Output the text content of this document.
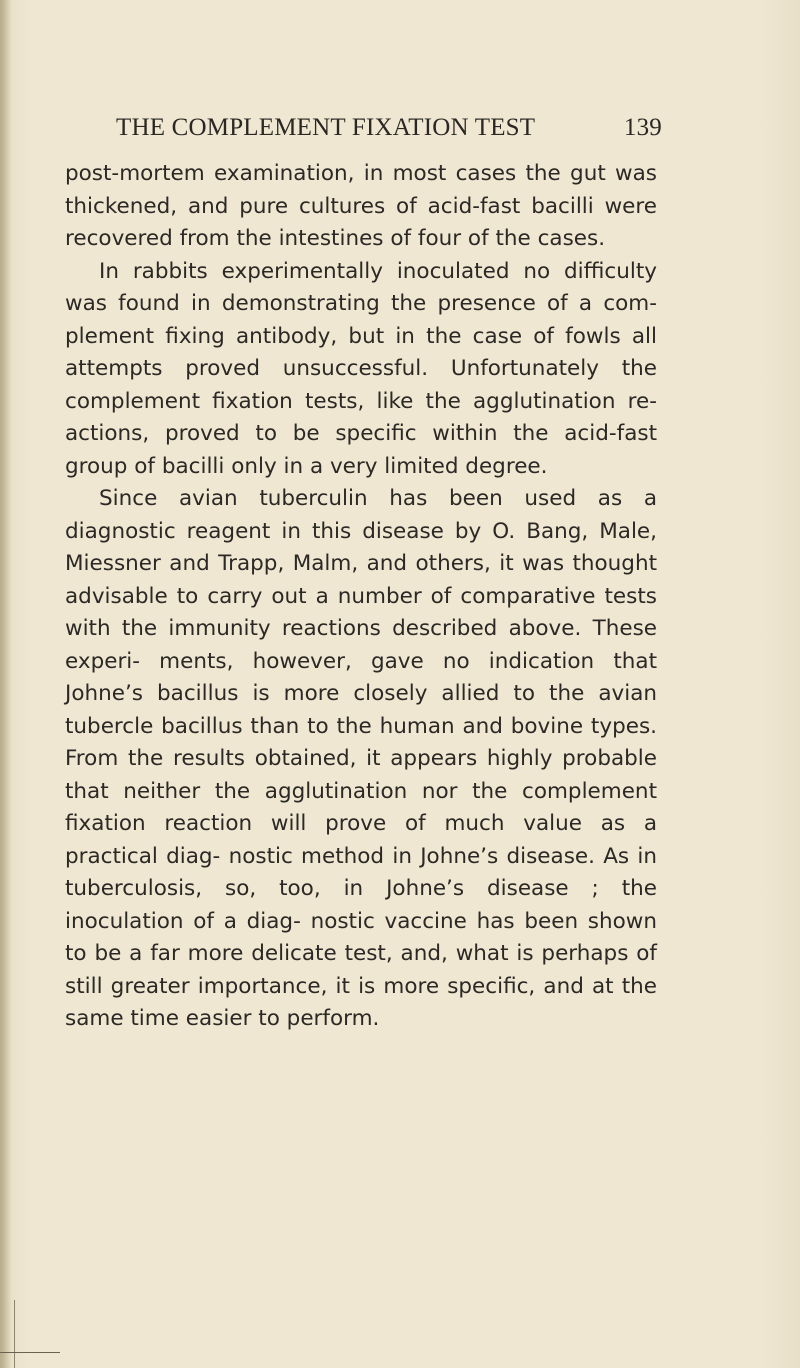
THE COMPLEMENT FIXATION TEST	139

post-mortem examination, in most cases the gut was thickened, and pure cultures of acid-fast bacilli were recovered from the intestines of four of the cases.

In rabbits experimentally inoculated no difficulty was found in demonstrating the presence of a com- plement fixing antibody, but in the case of fowls all attempts proved unsuccessful. Unfortunately the complement fixation tests, like the agglutination re- actions, proved to be specific within the acid-fast group of bacilli only in a very limited degree.

Since avian tuberculin has been used as a diagnostic reagent in this disease by O. Bang, Male, Miessner and Trapp, Malm, and others, it was thought advisable to carry out a number of comparative tests with the immunity reactions described above. These experi- ments, however, gave no indication that Johne’s bacillus is more closely allied to the avian tubercle bacillus than to the human and bovine types. From the results obtained, it appears highly probable that neither the agglutination nor the complement fixation reaction will prove of much value as a practical diag- nostic method in Johne’s disease. As in tuberculosis, so, too, in Johne’s disease ; the inoculation of a diag- nostic vaccine has been shown to be a far more delicate test, and, what is perhaps of still greater importance, it is more specific, and at the same time easier to perform.
